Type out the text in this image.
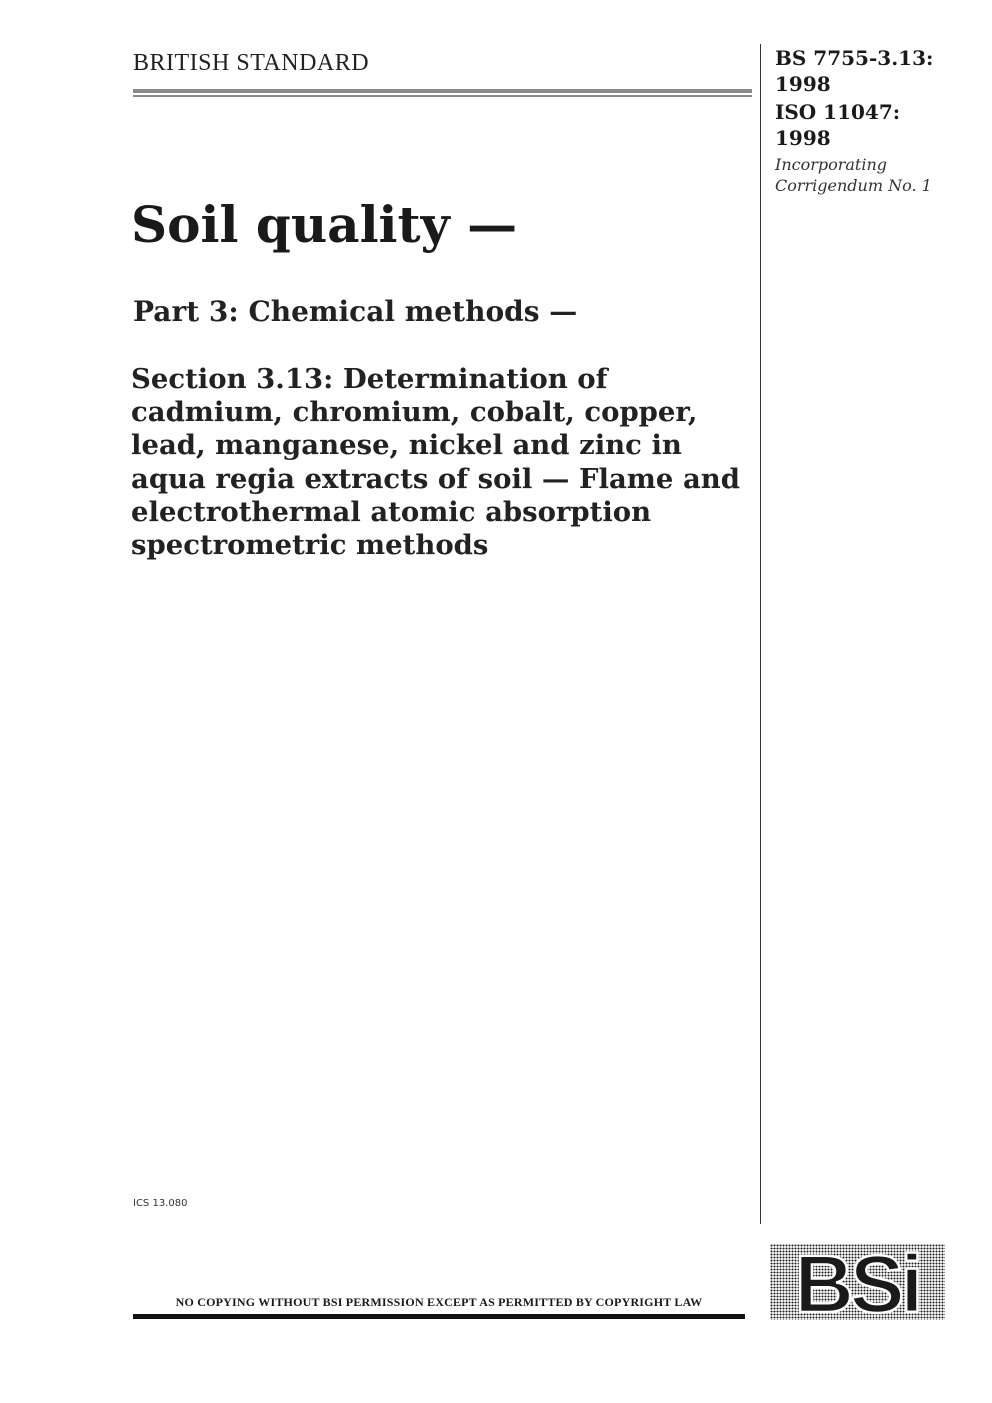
BRITISH STANDARD	BS 7755-3.13:
1998
ISO 11047:
1998
Incorporating
Corrigendum No. 1
Soil quality —
Part 3: Chemical methods —
Section 3.13: Determination of cadmium, chromium, cobalt, copper, lead, manganese, nickel and zinc in aqua regia extracts of soil — Flame and electrothermal atomic absorption spectrometric methods
ICS 13.080
NO COPYING WITHOUT BSI PERMISSION EXCEPT AS PERMITTED BY COPYRIGHT LAW	BSi
